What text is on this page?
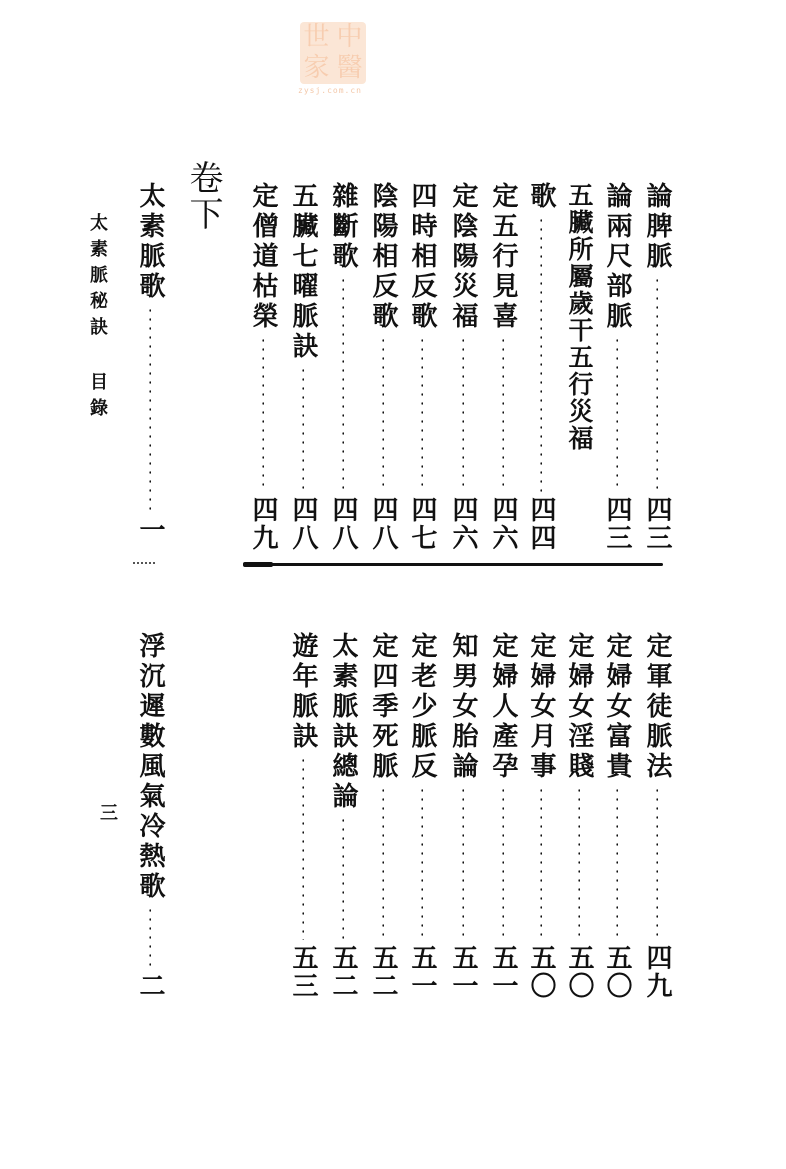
世 中
家 醫
zysj.com.cn
太素脈秘訣 目錄
三
卷下	論脾脈
四三
論兩尺部脈
四三
五臟所屬歲干五行災福
歌
四四
定五行見喜
四六
定陰陽災福
四六
四時相反歌
四七
陰陽相反歌
四八
雜斷歌
四八
五臟七曜脈訣
四八
定僧道枯榮
四九
太素脈歌
一
定軍徒脈法
四九
定婦女富貴
五〇
定婦女淫賤
五〇
定婦女月事
五〇
定婦人產孕
五一
知男女胎論
五一
定老少脈反
五一
定四季死脈
五二
太素脈訣總論
五二
遊年脈訣
五三
浮沉遲數風氣冷熱歌
二
